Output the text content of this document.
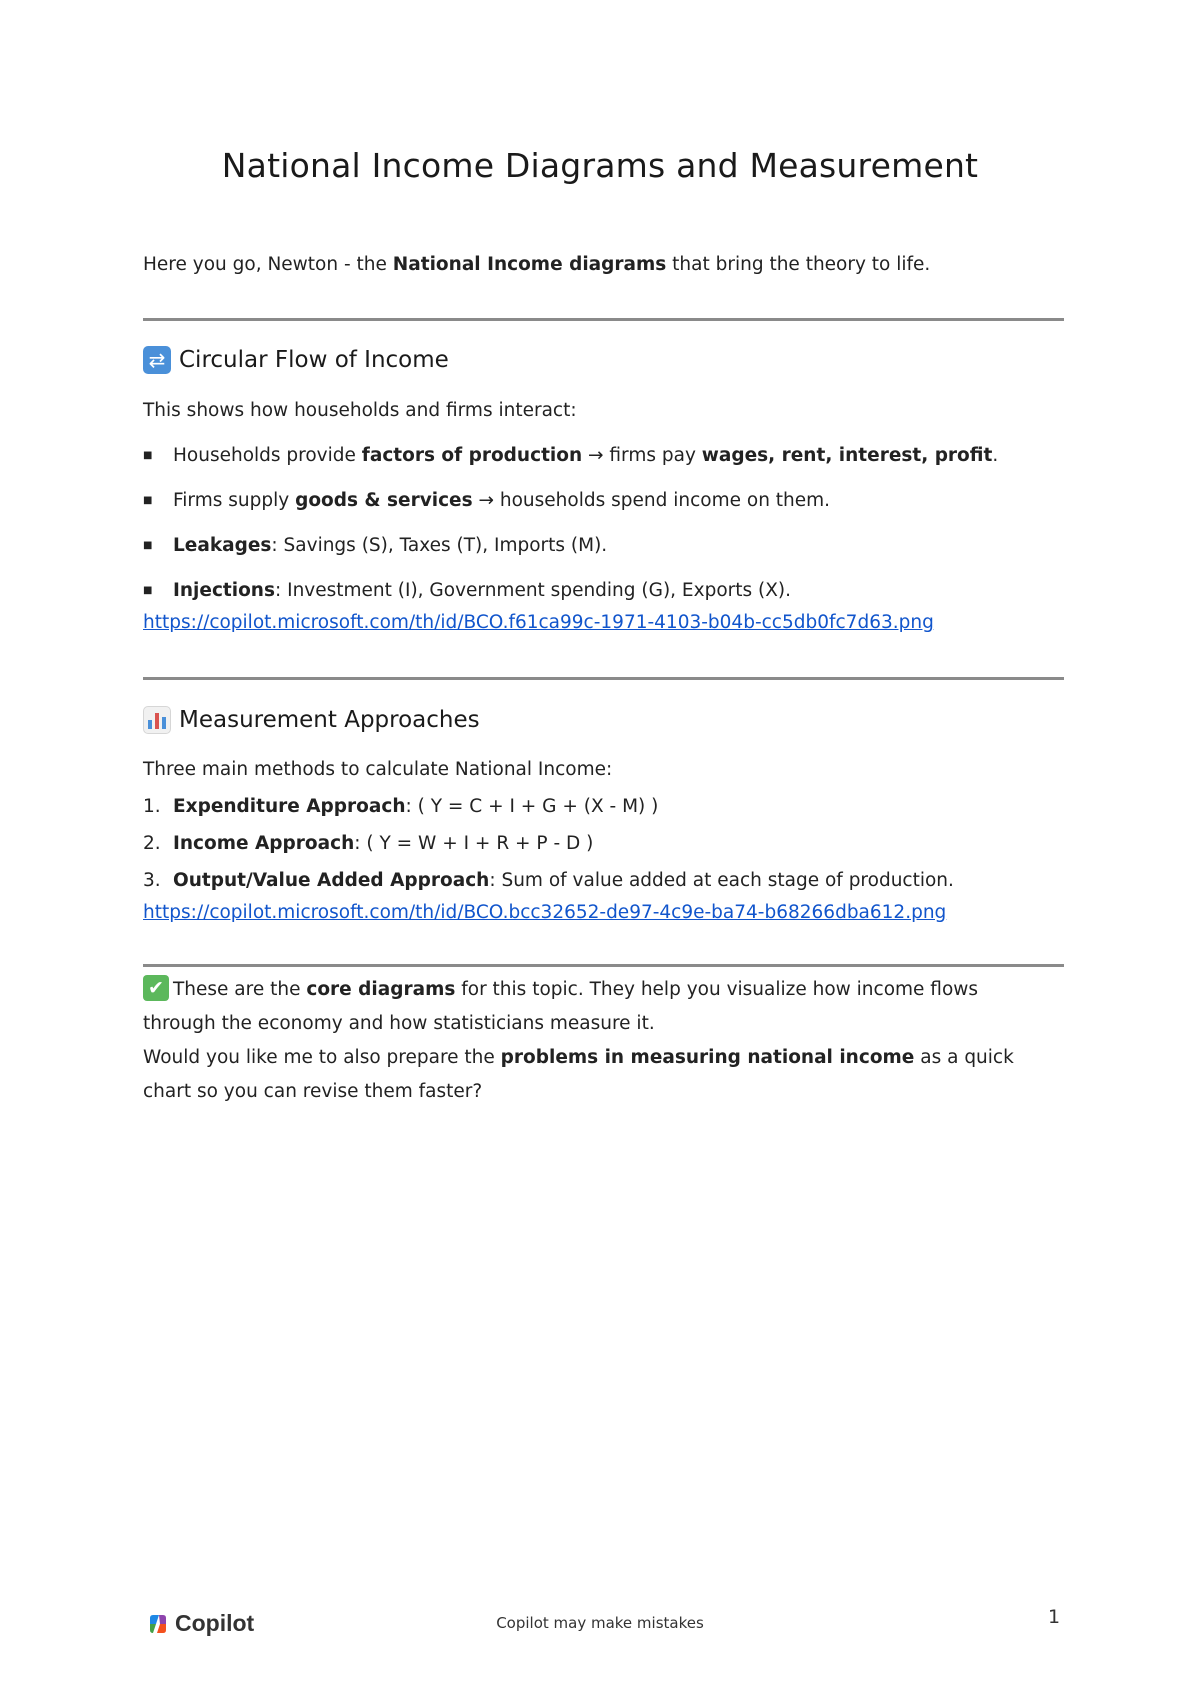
National Income Diagrams and Measurement
Here you go, Newton - the National Income diagrams that bring the theory to life.
⇄
Circular Flow of Income
This shows how households and firms interact:
■ Households provide factors of production → firms pay wages, rent, interest, profit.
■ Firms supply goods & services → households spend income on them.
■ Leakages: Savings (S), Taxes (T), Imports (M).
■ Injections: Investment (I), Government spending (G), Exports (X).
https://copilot.microsoft.com/th/id/BCO.f61ca99c-1971-4103-b04b-cc5db0fc7d63.png
Measurement Approaches
Three main methods to calculate National Income:
1. Expenditure Approach: ( Y = C + I + G + (X - M) )
2. Income Approach: ( Y = W + I + R + P - D )
3. Output/Value Added Approach: Sum of value added at each stage of production.
https://copilot.microsoft.com/th/id/BCO.bcc32652-de97-4c9e-ba74-b68266dba612.png
✔These are the core diagrams for this topic. They help you visualize how income flows
through the economy and how statisticians measure it.
Would you like me to also prepare the problems in measuring national income as a quick
chart so you can revise them faster?
Copilot	Copilot may make mistakes	1
